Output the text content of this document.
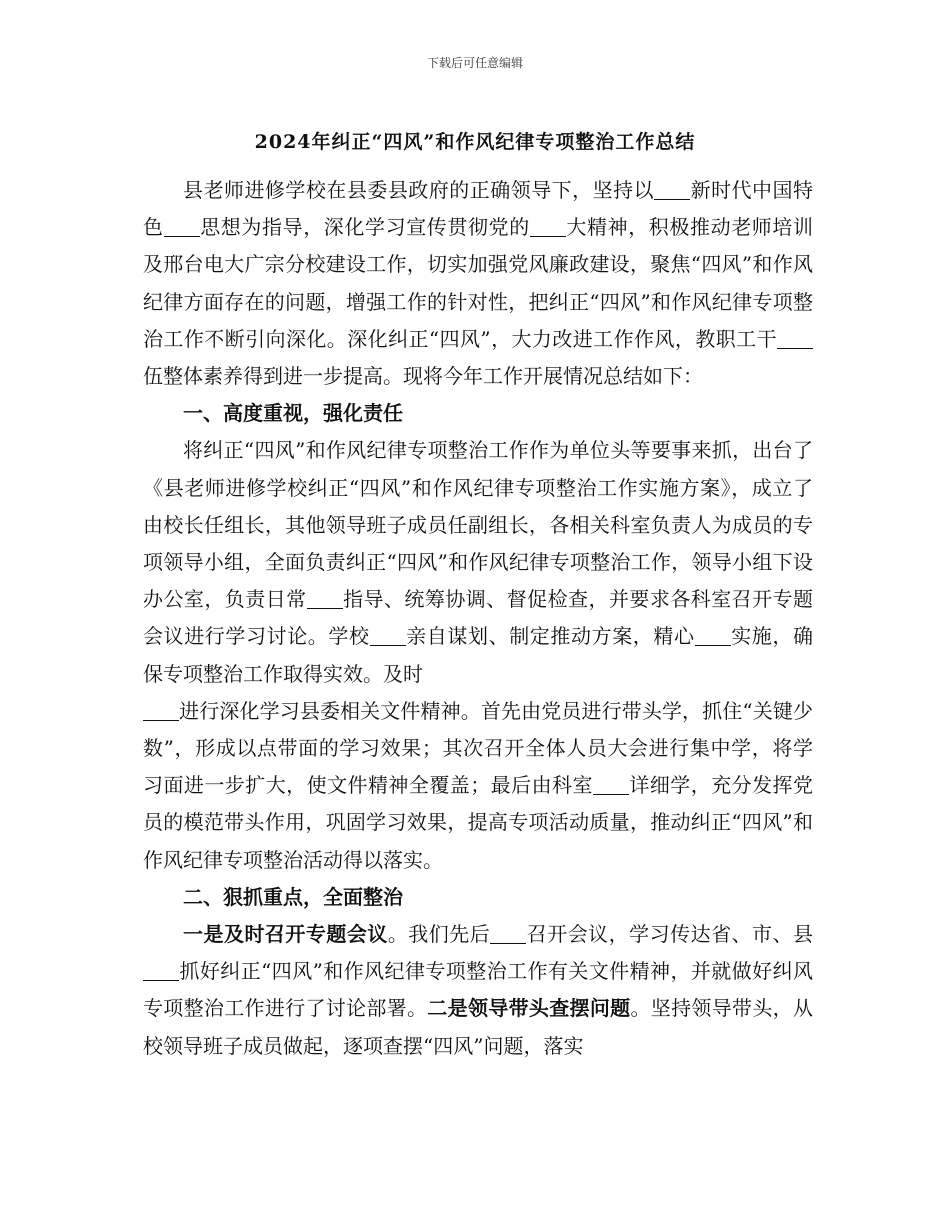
下载后可任意编辑
2024年纠正“四风”和作风纪律专项整治工作总结

县老师进修学校在县委县政府的正确领导下，坚持以 新时代中国特色 思想为指导，深化学习宣传贯彻党的 大精神，积极推动老师培训及邢台电大广宗分校建设工作，切实加强党风廉政建设，聚焦“四风”和作风纪律方面存在的问题，增强工作的针对性，把纠正“四风”和作风纪律专项整治工作不断引向深化。深化纠正“四风”，大力改进工作作风，教职工干伍整体素养得到进一步提高。现将今年工作开展情况总结如下：

一、高度重视，强化责任

将纠正“四风”和作风纪律专项整治工作作为单位头等要事来抓，出台了《县老师进修学校纠正“四风”和作风纪律专项整治工作实施方案》，成立了由校长任组长，其他领导班子成员任副组长，各相关科室负责人为成员的专项领导小组，全面负责纠正“四风”和作风纪律专项整治工作，领导小组下设办公室，负责日常 指导、统筹协调、督促检查，并要求各科室召开专题会议进行学习讨论。学校 亲自谋划、制定推动方案，精心 实施，确保专项整治工作取得实效。及时
进行深化学习县委相关文件精神。首先由党员进行带头学，抓住“关键少数”，形成以点带面的学习效果；其次召开全体人员大会进行集中学，将学习面进一步扩大，使文件精神全覆盖；最后由科室 详细学，充分发挥党员的模范带头作用，巩固学习效果，提高专项活动质量，推动纠正“四风”和作风纪律专项整治活动得以落实。

二、狠抓重点，全面整治

一是及时召开专题会议。我们先后 召开会议，学习传达省、市、县抓好纠正“四风”和作风纪律专项整治工作有关文件精神，并就做好纠风专项整治工作进行了讨论部署。二是领导带头查摆问题。坚持领导带头，从校领导班子成员做起，逐项查摆“四风”问题，落实
